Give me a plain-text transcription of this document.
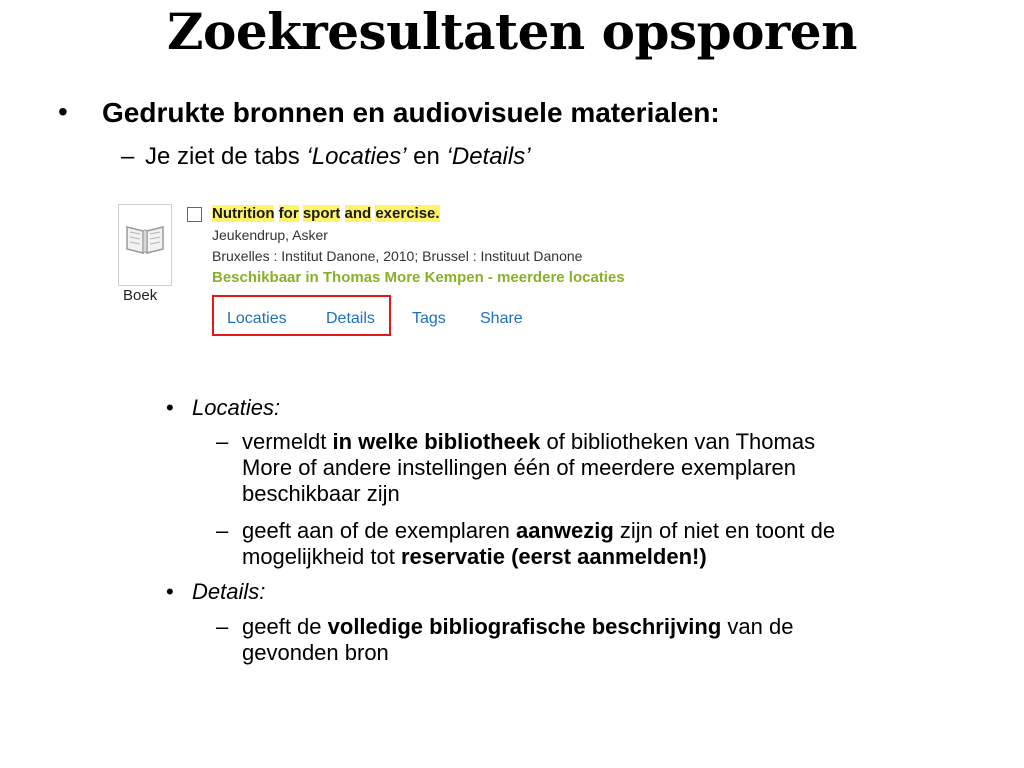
Zoekresultaten opsporen
• Gedrukte bronnen en audiovisuele materialen:
– Je ziet de tabs ‘Locaties’ en ‘Details’
Boek
Nutrition for sport and exercise.
Jeukendrup, Asker
Bruxelles : Institut Danone, 2010; Brussel : Instituut Danone
Beschikbaar in Thomas More Kempen - meerdere locaties
Locaties Details Tags Share
• Locaties:
– vermeldt in welke bibliotheek of bibliotheken van Thomas
More of andere instellingen één of meerdere exemplaren
beschikbaar zijn
– geeft aan of de exemplaren aanwezig zijn of niet en toont de
mogelijkheid tot reservatie (eerst aanmelden!)
• Details:
– geeft de volledige bibliografische beschrijving van de
gevonden bron
